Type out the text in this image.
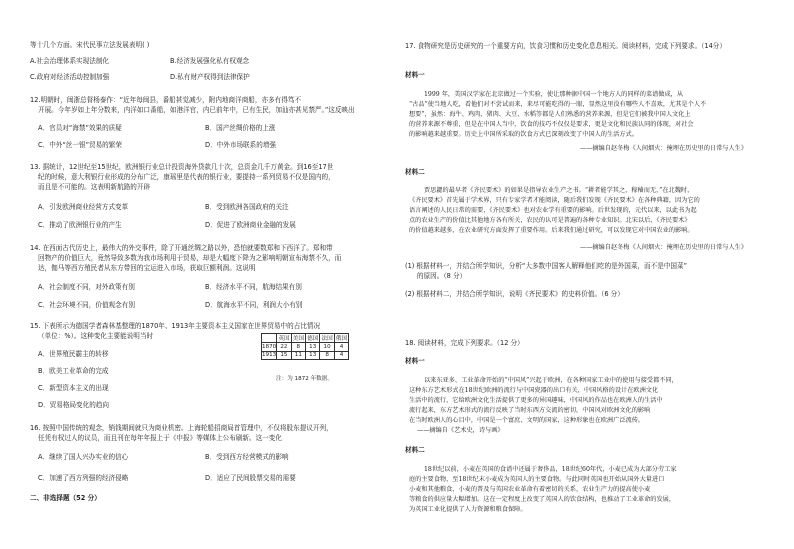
等十几个方面。宋代民事立法发展表明( )
A.社会治理体系实现法制化	B.经济发展强化私有权观念
C.政府对经济活动控制加强	D.私有财产权得到法律保护
12.明朝时，闽浙总督杨泰作：“近年每闽县，番船甚觉减少，附内地商洋商船，亦多有得笃不
开展。今年岁如上年分数来，内洋如口番船，如港洋官，内已前年中，已有生民，加汕亦甚见禁严。”这反映出
A．官员对“海禁”效果的质疑	B．国产丝绸价格的上涨
C．中外“丝一银”贸易的繁荣	D．中外市场联系的增强
13. 据统计，12世纪至15世纪，欧洲银行业总计投资海外贷款几十次，总资金几千万黄金。到16至17世
纪的时候，意大利银行业形成的分布广泛，康瑶里是代表的银行业，要提持一系列贸易不仅是国内的，
而且是不可能的。这表明新航路的开辟
A．引发欧洲商业经营方式变革	B．受到欧洲各国政府的关注
C．推动了欧洲银行业的产生	D．促进了欧洲商业金融的发展
14. 在西面古代历史上，最伟大的外交事件，除了开通丝绸之路以外，恐怕就要数郑和下西洋了。郑和带
回物产的价值巨大，竟然导致多数为我市场利用于贸易，却是大幅度下降为之影响明朝宣布海禁不久，而
达，伽马等西方殖民者从东方带回的宝运进入市场，获取巨额利润。这说明
A．社会制度不同，对外政策有别	B．经济水平不同，航海结果有别
C．社会环境不同，价值观念有别	D．航海水平不同，利润大小有别
15. 下表所示为德国学者森林基整理的1870年、1913年主要资本主义国家在世界贸易中的占比情况
（单位：%）。这种变化主要能说明当时
A．世界殖民霸主的转移
B．欧美工业革命的完成
C．新型资本主义的出现
D．贸易格局变化的趋向
	英国	美国	德国	法国	俄国
1870	22	8	13	10	4
1913	15	11	13	8	4
注：为 1872 年数据。
16. 按照中国传统的观念，销钱期间就只为商业机密。上海轮船招商局首管理中，不仅将股东提议开列，
任凭有权过人的议员，而且刊在每年年报上于《申报》等媒体上公布刷新。这一变化
A．继续了国人兴办实业的信心	B．受到西方经营模式的影响
C．加速了西方列强的经济侵略	D．适应了民间股票交易的需要
二、非选择题（52 分）
17. 食物研究是历史研究的一个重要方向，饮食习惯和历史变化息息相关。阅读材料，完成下列要求。（14分）
材料一
1999 年，美国汉学家在北京做过一个实验，使让那种据中国一个地方人的同样的菜谱做成，从
“古品”使当地人吃，看他们对不尝试而来，来尽可能吃得的一眼，显然这里没有哪些人不喜欢，尤其是个人不
想要”，虽然：海牛、鸡肉，猪肉、大豆、水稻等都是人们熟悉的营养来源，但是它们被我中国人文化上
的营养来源不尊重，但是在中国人当中，饮食的技巧不仅仅是要求，更是文化和民族认同的体现，对社会
的影响越来越重要。历史上中国所采取的饮食方式已深刻改变了中国人的生活方式。
——摘编自赵冬梅《人间烟火：掩埋在历史里的日常与人生》
材料二
贾思勰的最早者《齐民要术》的如果是指导农业生产之书。“耕者能学其之，稼穑而无，”在北魏时，
《齐民要术》首先属于学术界，只有专家学者才能阅读，随后我们发现《齐民要术》在各种典籍，因为它的
语言阐述的人民日常的需要，《齐民要术》也对农业学有重要的影响。后世发现的，元代以来，以此书为起
点的农业生产的价值比其他地方各有所关，农民的认可是普遍的各种专业知识。北宋以后，《齐民要术》
的价值越来越多，在农业研究方面发挥了重要作用。后来我们通过研究，可以发现它对中国农业的影响。
——摘编自赵冬梅《人间烟火：掩埋在历史里的日常与人生》
(1) 根据材料一，并结合所学知识，分析“大多数中国客人解释他们吃的是外国菜，而不是中国菜”
的原因。（8 分）
(2) 根据材料二，并结合所学知识，说明《齐民要术》的史料价值。（6 分）
18. 阅读材料，完成下列要求。（12 分）
材料一
以来东亚多、工业革命开始的“中国风”兴起于欧洲，在各种国家工业中的使用与接受都不同，
这种东方艺术形式在18世纪欧洲的流行与中国瓷器的出口有关，中国风格的设计在欧洲文化
生活中的流行，它给欧洲文化生活提供了更多的异国趣味，中国风的作品也在欧洲人的生活中
流行起来，东方艺术形式的流行反映了当时东西方交流的密切，中国风对欧洲文化的影响
在当时欧洲人的心目中，中国是一个富庶、文明的国家，这种形象也在欧洲广泛流传。
——摘编自《艺术史，诗与画》
材料二
18世纪以前，小麦在英国的食谱中还属于奢侈品，18世纪60年代，小麦已成为大部分劳工家
庭的主要食物，至18世纪末小麦成为英国人的主要食物。与此同时英国也开始从国外大量进口
小麦和其他粮食，小麦的普及与英国农业革命有着密切的关系，农业生产力的提高使小麦
等粮食的供应量大幅增加。这在一定程度上改变了英国人的饮食结构，也推动了工业革命的发展，
为英国工业化提供了人力资源和粮食保障。
